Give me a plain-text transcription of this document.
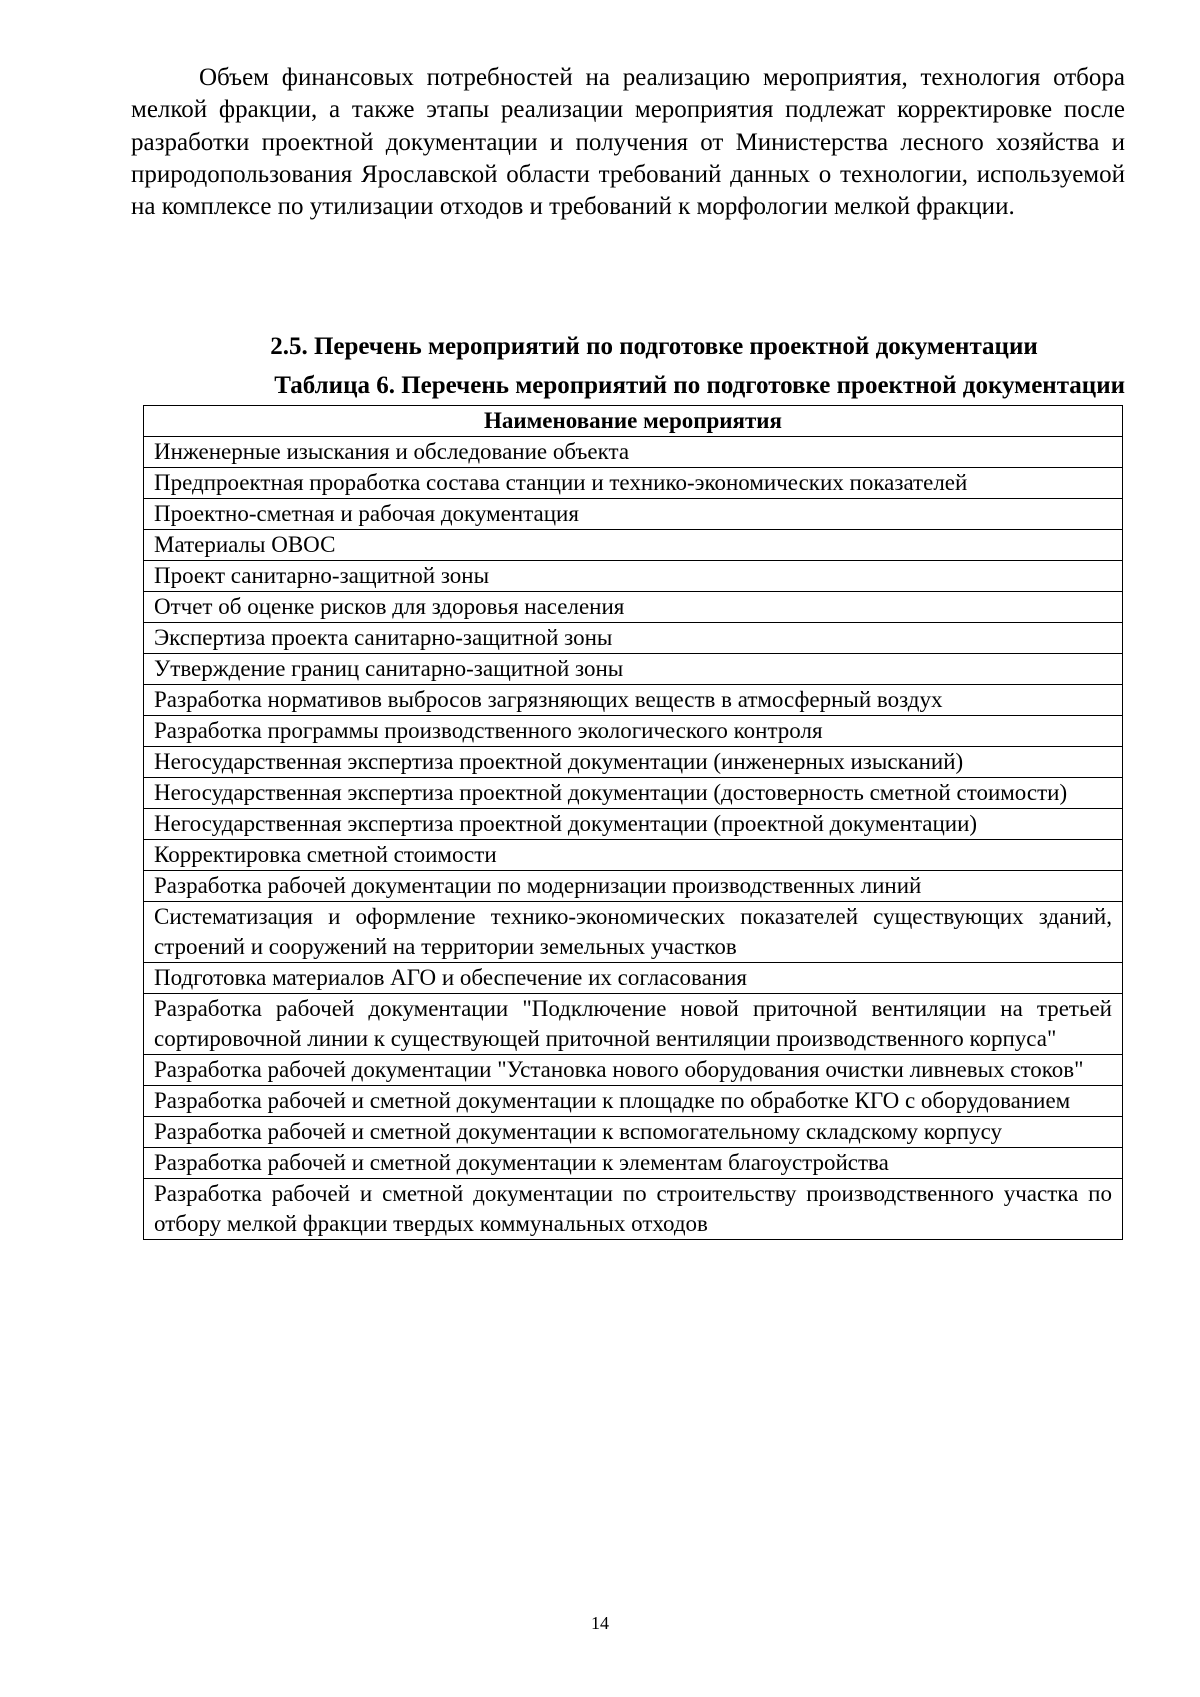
Объем финансовых потребностей на реализацию мероприятия, технология отбора мелкой фракции, а также этапы реализации мероприятия подлежат корректировке после разработки проектной документации и получения от Министерства лесного хозяйства и природопользования Ярославской области требований данных о технологии, используемой на комплексе по утилизации отходов и требований к морфологии мелкой фракции.

2.5. Перечень мероприятий по подготовке проектной документации

Таблица 6. Перечень мероприятий по подготовке проектной документации

Наименование мероприятия
Инженерные изыскания и обследование объекта
Предпроектная проработка состава станции и технико-экономических показателей
Проектно-сметная и рабочая документация
Материалы ОВОС
Проект санитарно-защитной зоны
Отчет об оценке рисков для здоровья населения
Экспертиза проекта санитарно-защитной зоны
Утверждение границ санитарно-защитной зоны
Разработка нормативов выбросов загрязняющих веществ в атмосферный воздух
Разработка программы производственного экологического контроля
Негосударственная экспертиза проектной документации (инженерных изысканий)
Негосударственная экспертиза проектной документации (достоверность сметной стоимости)
Негосударственная экспертиза проектной документации (проектной документации)
Корректировка сметной стоимости
Разработка рабочей документации по модернизации производственных линий
Систематизация и оформление технико-экономических показателей существующих зданий, строений и сооружений на территории земельных участков
Подготовка материалов АГО и обеспечение их согласования
Разработка рабочей документации "Подключение новой приточной вентиляции на третьей сортировочной линии к существующей приточной вентиляции производственного корпуса"
Разработка рабочей документации "Установка нового оборудования очистки ливневых стоков"
Разработка рабочей и сметной документации к площадке по обработке КГО с оборудованием
Разработка рабочей и сметной документации к вспомогательному складскому корпусу
Разработка рабочей и сметной документации к элементам благоустройства
Разработка рабочей и сметной документации по строительству производственного участка по отбору мелкой фракции твердых коммунальных отходов
14
